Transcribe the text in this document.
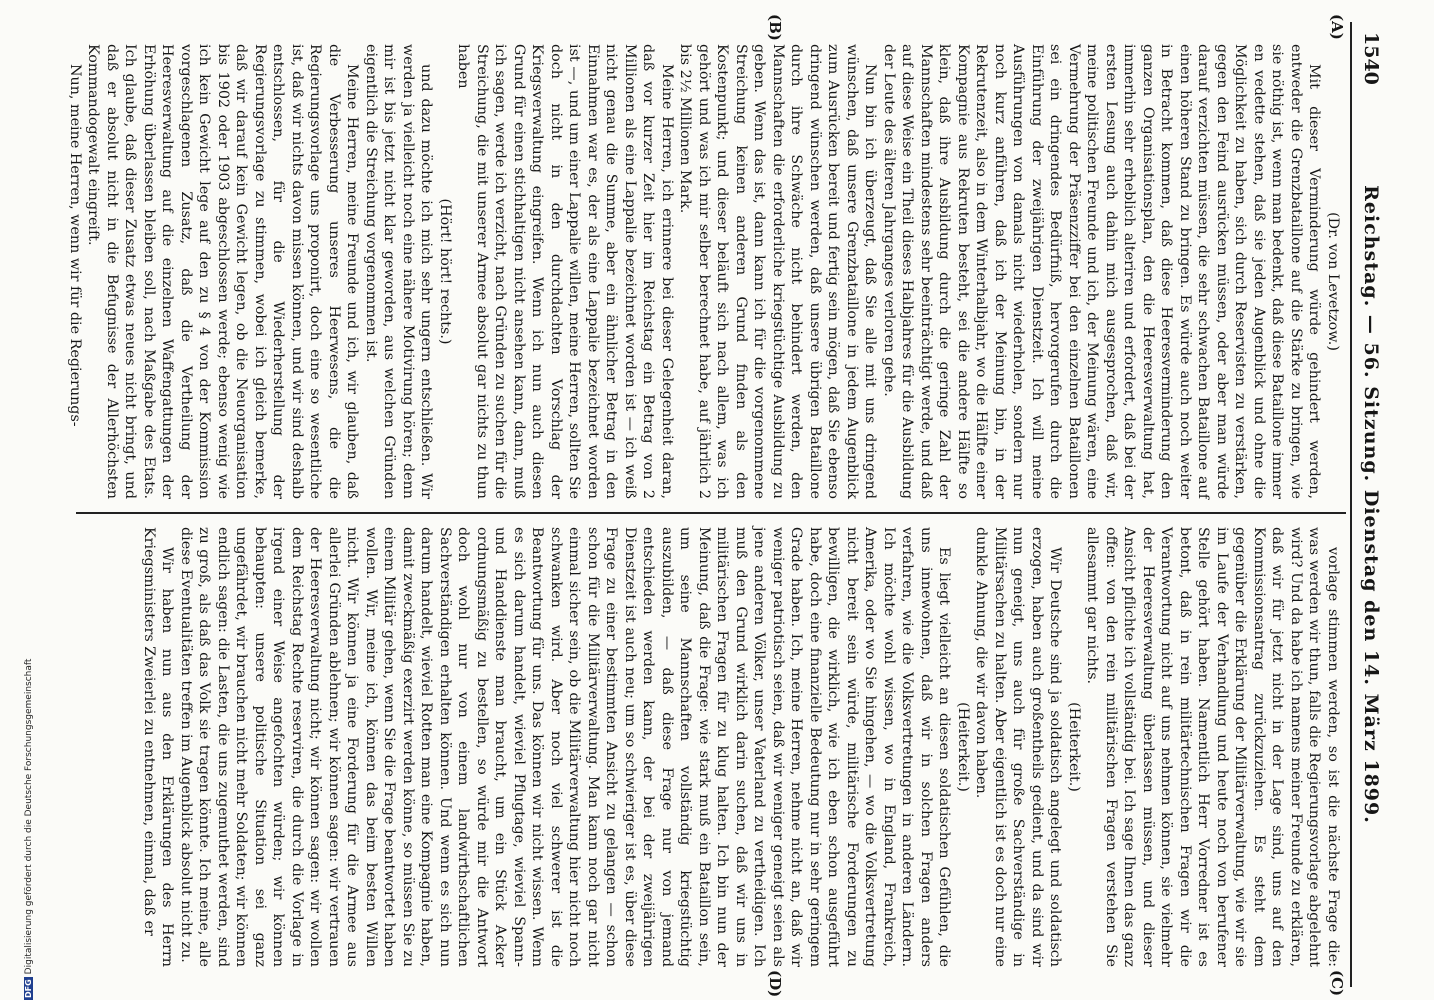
1540
Reichstag. — 56. Sitzung. Dienstag den 14. März 1899.
(A)
(B)
(C)
(D)

(Dr. von Levetzow.)

Mit dieser Verminderung würde gehindert werden, entweder die Grenzbataillone auf die Stärke zu bringen, wie sie nöthig ist, wenn man bedenkt, daß diese Bataillone immer en vedette stehen, daß sie jeden Augenblick und ohne die Möglichkeit zu haben, sich durch Reservisten zu verstärken, gegen den Feind ausrücken müssen, oder aber man würde darauf verzichten müssen, die sehr schwachen Bataillone auf einen höheren Stand zu bringen. Es würde auch noch weiter in Betracht kommen, daß diese Heeresverminderung den ganzen Organisationsplan, den die Heeresverwaltung hat, immerhin sehr erheblich alteriren und erfordert, daß bei der ersten Lesung auch dahin mich ausgesprochen, daß wir, meine politischen Freunde und ich, der Meinung wären, eine Vermehrung der Präsenzziffer bei den einzelnen Bataillonen sei ein dringendes Bedürfniß, hervorgerufen durch die Einführung der zweijährigen Dienstzeit. Ich will meine Ausführungen von damals nicht wiederholen, sondern nur noch kurz anführen, daß ich der Meinung bin, in der Rekrutenzeit, also in dem Winterhalbjahr, wo die Hälfte einer Kompagnie aus Rekruten besteht, sei die andere Hälfte so klein, daß ihre Ausbildung durch die geringe Zahl der Mannschaften mindestens sehr beeinträchtigt werde, und daß auf diese Weise ein Theil dieses Halbjahres für die Ausbildung der Leute des älteren Jahrganges verloren gehe.

Nun bin ich überzeugt, daß Sie alle mit uns dringend wünschen, daß unsere Grenzbataillone in jedem Augenblick zum Ausrücken bereit und fertig sein mögen, daß Sie ebenso dringend wünschen werden, daß unsere übrigen Bataillone durch ihre Schwäche nicht behindert werden, den Mannschaften die erforderliche kriegstüchtige Ausbildung zu geben. Wenn das ist, dann kann ich für die vorgenommene Streichung keinen anderen Grund finden als den Kostenpunkt; und dieser beläuft sich nach allem, was ich gehört und was ich mir selber berechnet habe, auf jährlich 2 bis 2½ Millionen Mark.

Meine Herren, ich erinnere bei dieser Gelegenheit daran, daß vor kurzer Zeit hier im Reichstag ein Betrag von 2 Millionen als eine Lappalie bezeichnet worden ist — ich weiß nicht genau die Summe, aber ein ähnlicher Betrag in den Einnahmen war es, der als eine Lappalie bezeichnet worden ist —, und um einer Lappalie willen, meine Herren, sollten Sie doch nicht in den durchdachten Vorschlag der Kriegsverwaltung eingreifen. Wenn ich nun auch diesen Grund für einen stichhaltigen nicht ansehen kann, dann, muß ich sagen, werde ich verzicht, nach Gründen zu suchen für die Streichung, die mit unserer Armee absolut gar nichts zu thun haben

(Hört! hört! rechts.)

und dazu möchte ich mich sehr ungern entschließen. Wir werden ja vielleicht noch eine nähere Motivirung hören; denn mir ist bis jetzt nicht klar geworden, aus welchen Gründen eigentlich die Streichung vorgenommen ist.

Meine Herren, meine Freunde und ich, wir glauben, daß die Verbesserung unseres Heerwesens, die die Regierungsvorlage uns proponirt, doch eine so wesentliche ist, daß wir nichts davon missen können, und wir sind deshalb entschlossen, für die Wiederherstellung der Regierungsvorlage zu stimmen, wobei ich gleich bemerke, daß wir darauf kein Gewicht legen, ob die Neuorganisation bis 1902 oder 1903 abgeschlossen werde; ebenso wenig wie ich kein Gewicht lege auf den zu § 4 von der Kommission vorgeschlagenen Zusatz, daß die Vertheilung der Heeresverwaltung auf die einzelnen Waffengattungen der Erhöhung überlassen bleiben soll, nach Maßgabe des Etats. Ich glaube, daß dieser Zusatz etwas neues nicht bringt, und daß er absolut nicht in die Befugnisse der Allerhöchsten Kommandogewalt eingreift.

Nun, meine Herren, wenn wir für die Regierungs-

vorlage stimmen werden, so ist die nächste Frage die: was werden wir thun, falls die Regierungsvorlage abgelehnt wird? Und da habe ich namens meiner Freunde zu erklären, daß wir für jetzt nicht in der Lage sind, uns auf den Kommissionsantrag zurückzuziehen. Es steht dem gegenüber die Erklärung der Militärverwaltung, wie wir sie im Laufe der Verhandlung und heute noch von berufener Stelle gehört haben. Namentlich Herr Vorredner ist es betont, daß in rein militärtechnischen Fragen wir die Verantwortung nicht auf uns nehmen können, sie vielmehr der Heeresverwaltung überlassen müssen, und dieser Ansicht pflichte ich vollständig bei. Ich sage Ihnen das ganz offen: von den rein militärischen Fragen verstehen Sie allesammt gar nichts.

(Heiterkeit.)

Wir Deutsche sind ja soldatisch angelegt und soldatisch erzogen, haben auch großentheils gedient, und da sind wir nun geneigt, uns auch für große Sachverständige in Militärsachen zu halten. Aber eigentlich ist es doch nur eine dunkle Ahnung, die wir davon haben.

(Heiterkeit.)

Es liegt vielleicht an diesen soldatischen Gefühlen, die uns innewohnen, daß wir in solchen Fragen anders verfahren, wie die Volksvertretungen in anderen Ländern. Ich möchte wohl wissen, wo in England, Frankreich, Amerika, oder wo Sie hingehen, — wo die Volksvertretung nicht bereit sein würde, militärische Forderungen zu bewilligen, die wirklich, wie ich eben schon ausgeführt habe, doch eine finanzielle Bedeutung nur in sehr geringem Grade haben. Ich, meine Herren, nehme nicht an, daß wir weniger patriotisch seien, daß wir weniger geneigt seien als jene anderen Völker, unser Vaterland zu vertheidigen. Ich muß den Grund wirklich darin suchen, daß wir uns in militärischen Fragen für zu klug halten. Ich bin nun der Meinung, daß die Frage: wie stark muß ein Bataillon sein, um seine Mannschaften vollständig kriegstüchtig auszubilden, — daß diese Frage nur von jemand entschieden werden kann, der bei der zweijährigen Dienstzeit ist auch neu; um so schwieriger ist es, über diese Frage zu einer bestimmten Ansicht zu gelangen — schon schon für die Militärverwaltung. Man kann noch gar nicht einmal sicher sein, ob die Militärverwaltung hier nicht noch schwanken wird. Aber noch viel schwerer ist die Beantwortung für uns. Das können wir nicht wissen. Wenn es sich darum handelt, wieviel Pflugtage, wieviel Spann- und Handdienste man braucht, um ein Stück Acker ordnungsmäßig zu bestellen, so würde mir die Antwort doch wohl nur von einem landwirthschaftlichen Sachverständigen erhalten können. Und wenn es sich nun darum handelt, wieviel Rotten man eine Kompagnie haben, damit zweckmäßig exerzirt werden könne, so müssen Sie zu einem Militär gehen, wenn Sie die Frage beantwortet haben wollen. Wir, meine ich, können das beim besten Willen nicht. Wir können ja eine Forderung für die Armee aus allerlei Gründen ablehnen; wir können sagen: wir vertrauen der Heeresverwaltung nicht; wir können sagen: wir wollen dem Reichstag Rechte reserviren, die durch die Vorlage in irgend einer Weise angefochten würden; wir können behaupten: unsere politische Situation sei ganz ungefährdet, wir brauchen nicht mehr Soldaten; wir können endlich sagen: die Lasten, die uns zugemuthet werden, sind zu groß, als daß das Volk sie tragen könnte. Ich meine, alle diese Eventualitäten treffen im Augenblick absolut nicht zu.

Wir haben nun aus den Erklärungen des Herrn Kriegsministers Zweierlei zu entnehmen, einmal, daß er

DFGDigitalisierung gefördert durch die Deutsche Forschungsgemeinschaft
